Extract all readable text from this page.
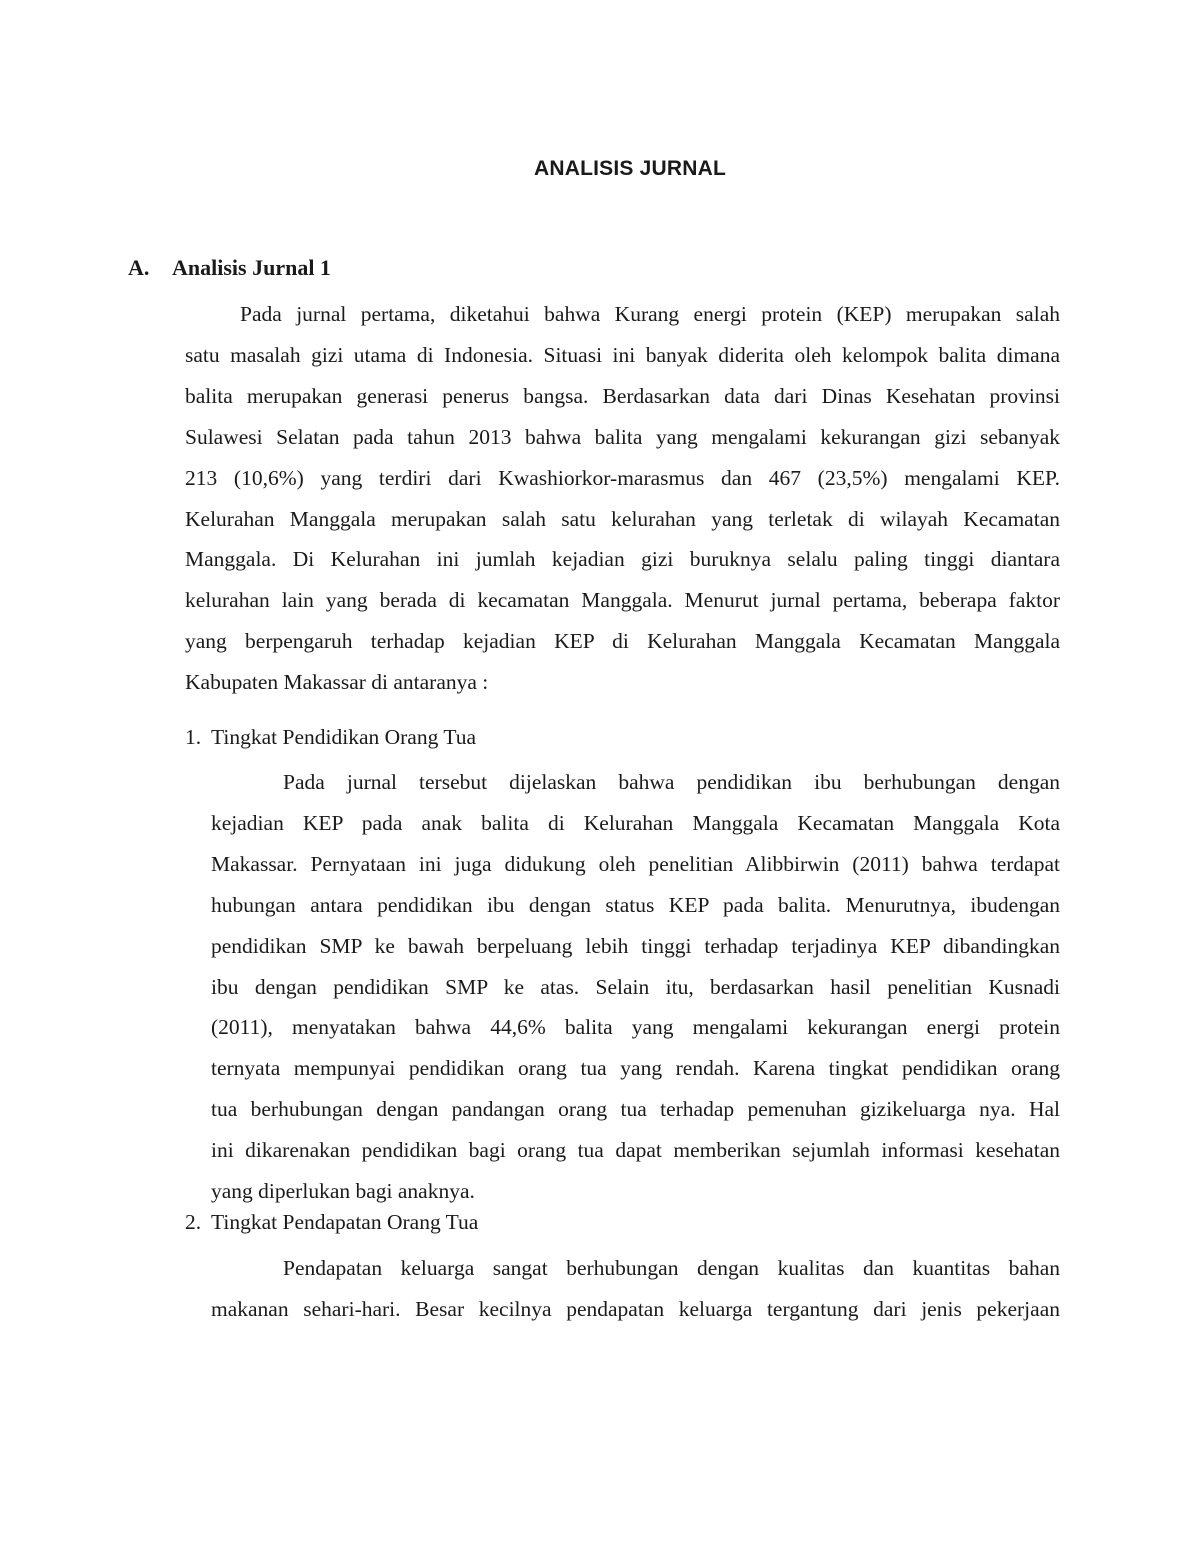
ANALISIS JURNAL
A. Analisis Jurnal 1
Pada jurnal pertama, diketahui bahwa Kurang energi protein (KEP) merupakan salah
satu masalah gizi utama di Indonesia. Situasi ini banyak diderita oleh kelompok balita dimana
balita merupakan generasi penerus bangsa. Berdasarkan data dari Dinas Kesehatan provinsi
Sulawesi Selatan pada tahun 2013 bahwa balita yang mengalami kekurangan gizi sebanyak
213 (10,6%) yang terdiri dari Kwashiorkor-marasmus dan 467 (23,5%) mengalami KEP.
Kelurahan Manggala merupakan salah satu kelurahan yang terletak di wilayah Kecamatan
Manggala. Di Kelurahan ini jumlah kejadian gizi buruknya selalu paling tinggi diantara
kelurahan lain yang berada di kecamatan Manggala. Menurut jurnal pertama, beberapa faktor
yang berpengaruh terhadap kejadian KEP di Kelurahan Manggala Kecamatan Manggala
Kabupaten Makassar di antaranya :
1. Tingkat Pendidikan Orang Tua
Pada jurnal tersebut dijelaskan bahwa pendidikan ibu berhubungan dengan
kejadian KEP pada anak balita di Kelurahan Manggala Kecamatan Manggala Kota
Makassar. Pernyataan ini juga didukung oleh penelitian Alibbirwin (2011) bahwa terdapat
hubungan antara pendidikan ibu dengan status KEP pada balita. Menurutnya, ibudengan
pendidikan SMP ke bawah berpeluang lebih tinggi terhadap terjadinya KEP dibandingkan
ibu dengan pendidikan SMP ke atas. Selain itu, berdasarkan hasil penelitian Kusnadi
(2011), menyatakan bahwa 44,6% balita yang mengalami kekurangan energi protein
ternyata mempunyai pendidikan orang tua yang rendah. Karena tingkat pendidikan orang
tua berhubungan dengan pandangan orang tua terhadap pemenuhan gizikeluarga nya. Hal
ini dikarenakan pendidikan bagi orang tua dapat memberikan sejumlah informasi kesehatan
yang diperlukan bagi anaknya.
2. Tingkat Pendapatan Orang Tua
Pendapatan keluarga sangat berhubungan dengan kualitas dan kuantitas bahan
makanan sehari-hari. Besar kecilnya pendapatan keluarga tergantung dari jenis pekerjaan
